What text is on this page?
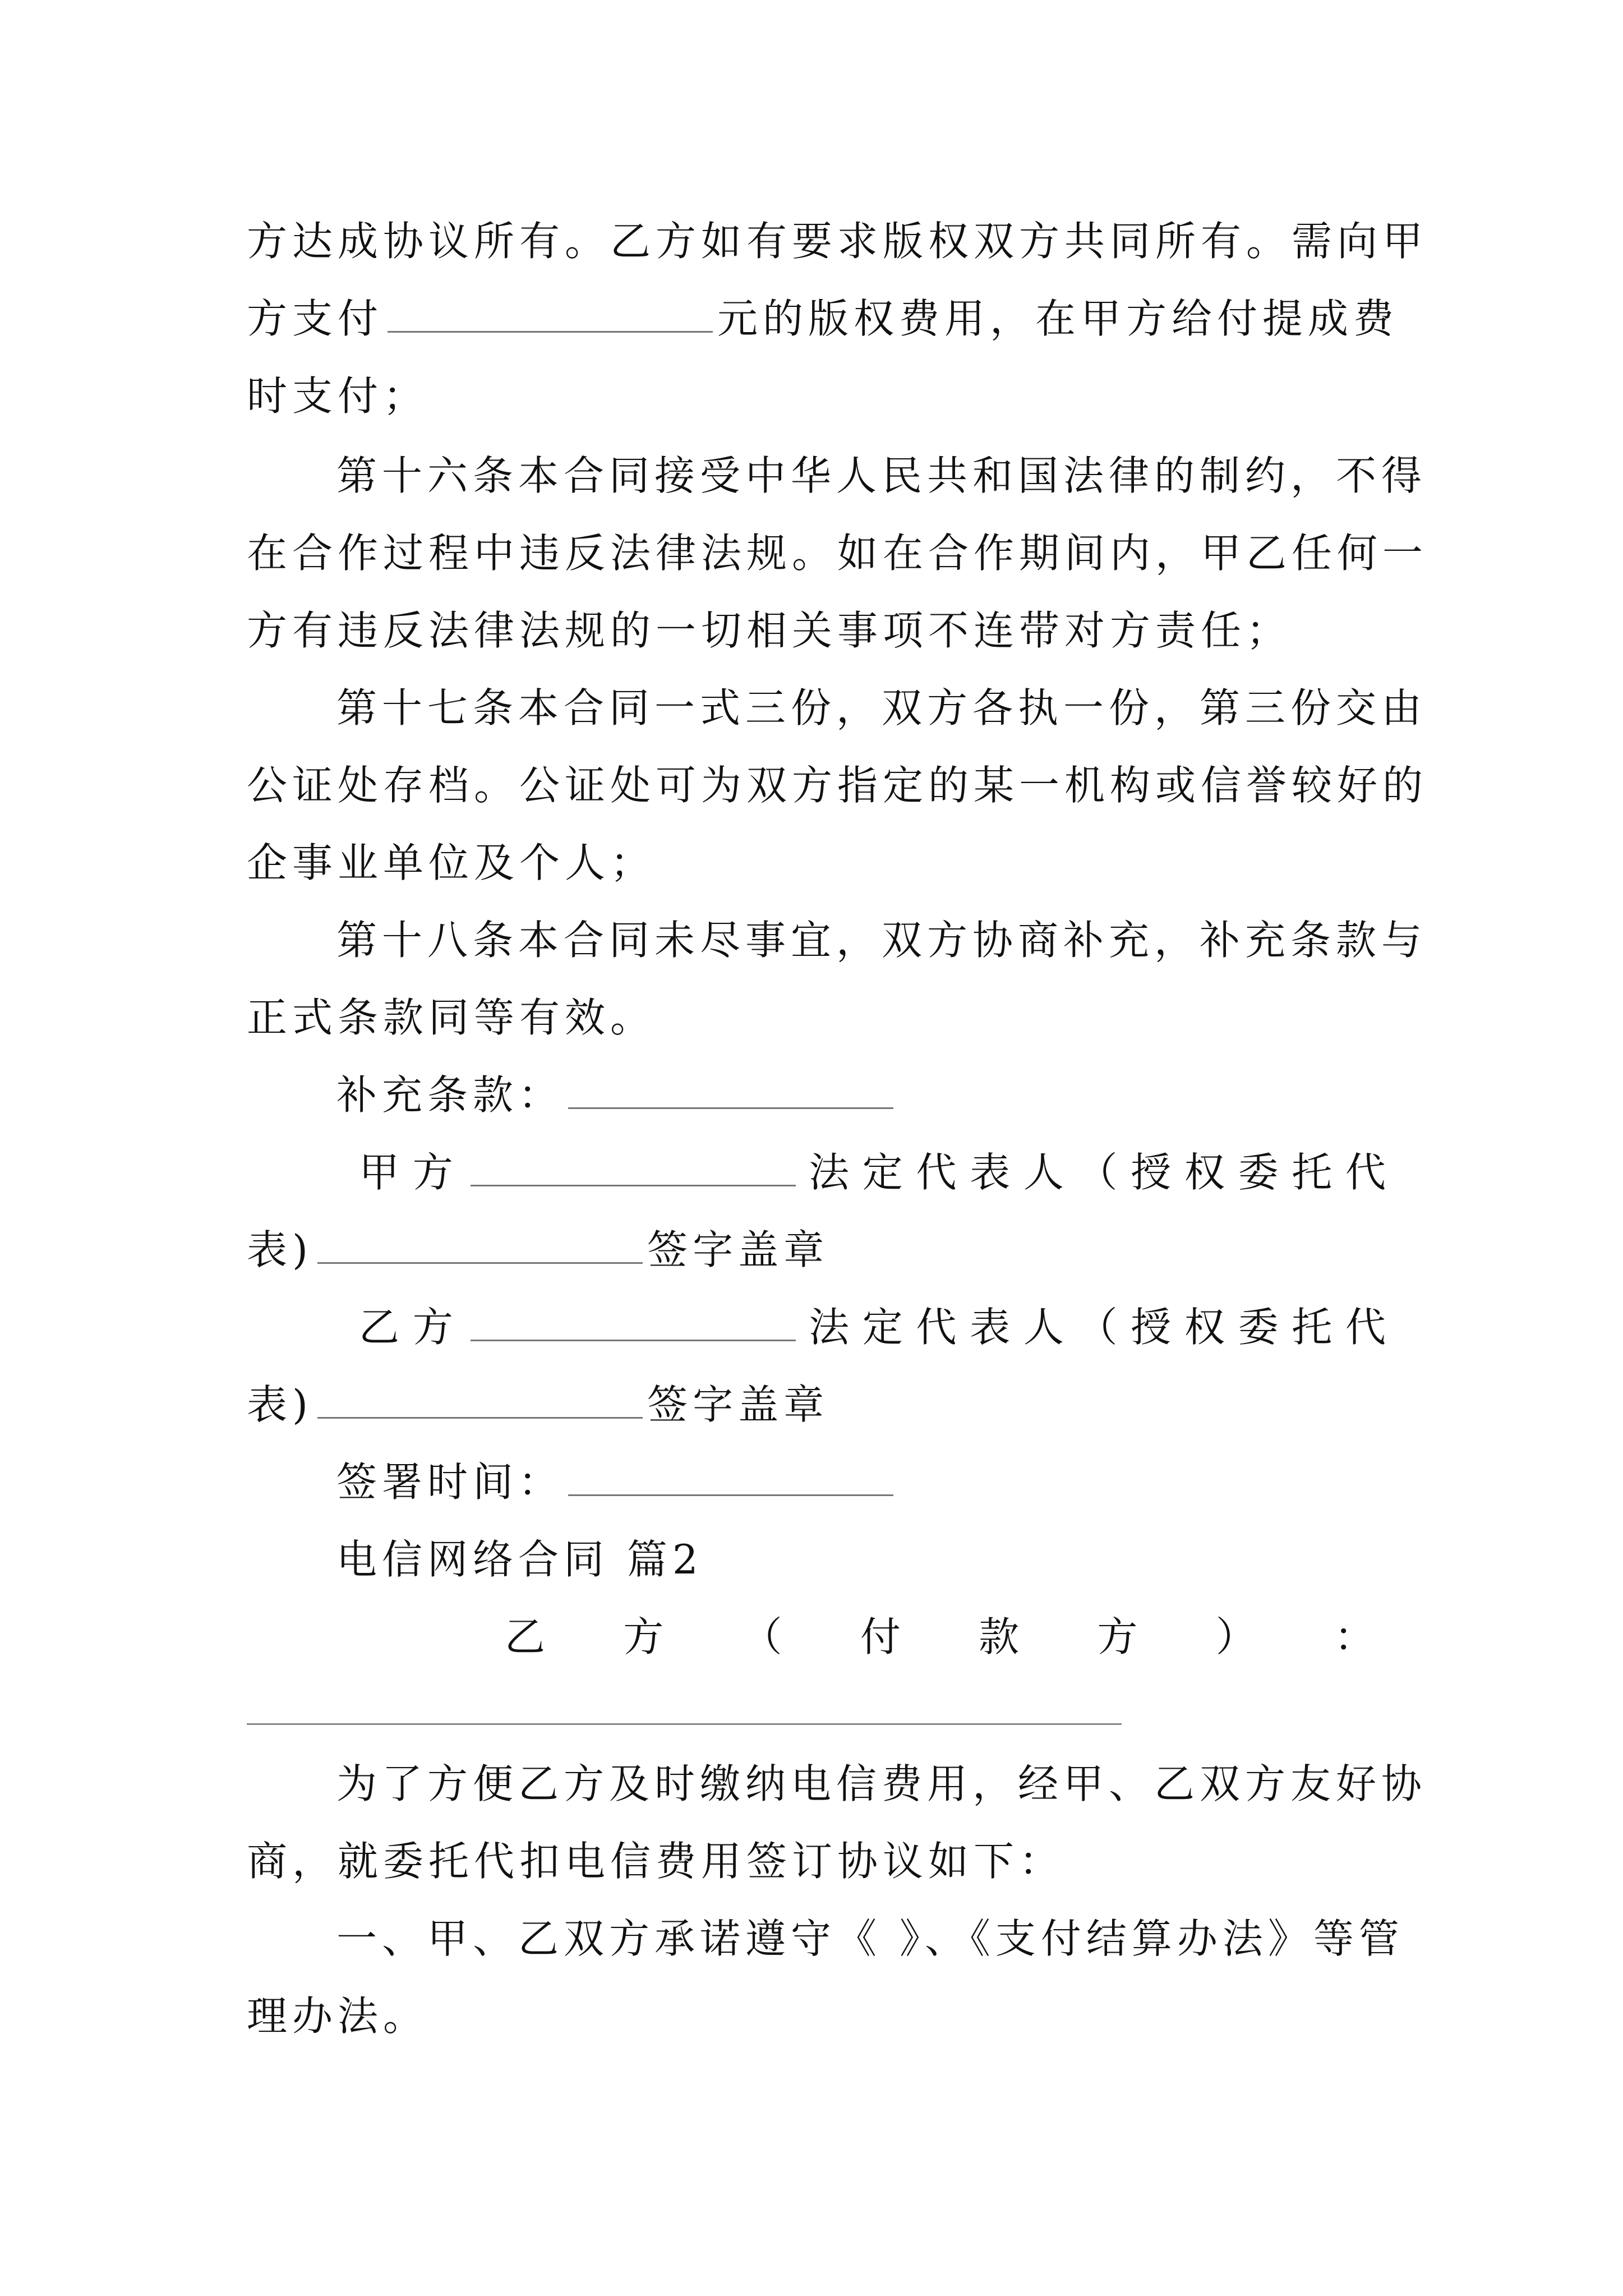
方达成协议所有。乙方如有要求版权双方共同所有。需向甲
方支付	元的版权费用，在甲方给付提成费
时支付；
第十六条本合同接受中华人民共和国法律的制约，不得
在合作过程中违反法律法规。如在合作期间内，甲乙任何一
方有违反法律法规的一切相关事项不连带对方责任；
第十七条本合同一式三份，双方各执一份，第三份交由
公证处存档。公证处可为双方指定的某一机构或信誉较好的
企事业单位及个人；
第十八条本合同未尽事宜，双方协商补充，补充条款与
正式条款同等有效。
补充条款：
甲方	法定代表人（授权委托代
表)	签字盖章
乙方	法定代表人（授权委托代
表)	签字盖章
签署时间：
电信网络合同 篇2
乙 方 （ 付 款 方 ） ：
为了方便乙方及时缴纳电信费用，经甲、乙双方友好协
商，就委托代扣电信费用签订协议如下：
一、甲、乙双方承诺遵守《 》、《支付结算办法》等管
理办法。
